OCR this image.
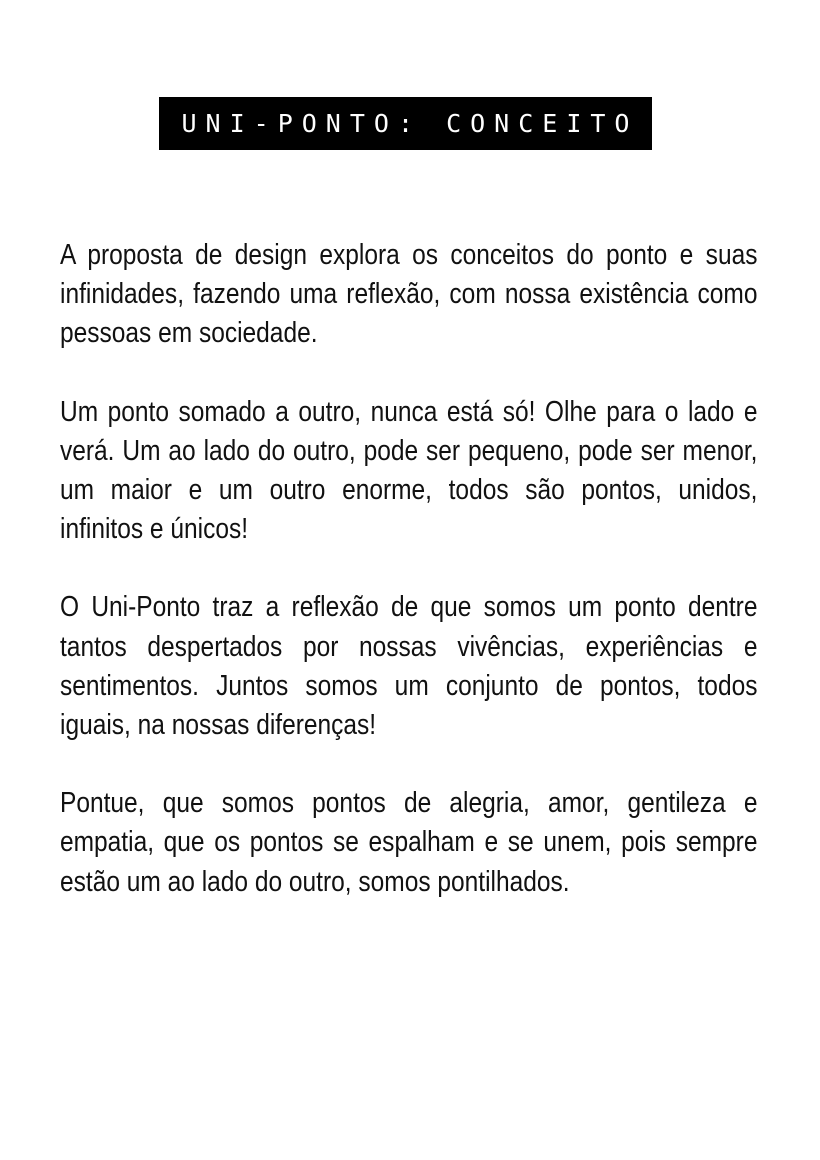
UNI-PONTO: CONCEITO

A proposta de design explora os conceitos do ponto e suas infinidades, fazendo uma reflexão, com nossa existência como pessoas em sociedade.

Um ponto somado a outro, nunca está só! Olhe para o lado e verá. Um ao lado do outro, pode ser pequeno, pode ser menor, um maior e um outro enorme, todos são pontos, unidos, infinitos e únicos!

O Uni-Ponto traz a reflexão de que somos um ponto dentre tantos despertados por nossas vivências, experiências e sentimentos. Juntos somos um conjunto de pontos, todos iguais, na nossas diferenças!

Pontue, que somos pontos de alegria, amor, gentileza e empatia, que os pontos se espalham e se unem, pois sempre estão um ao lado do outro, somos pontilhados.
